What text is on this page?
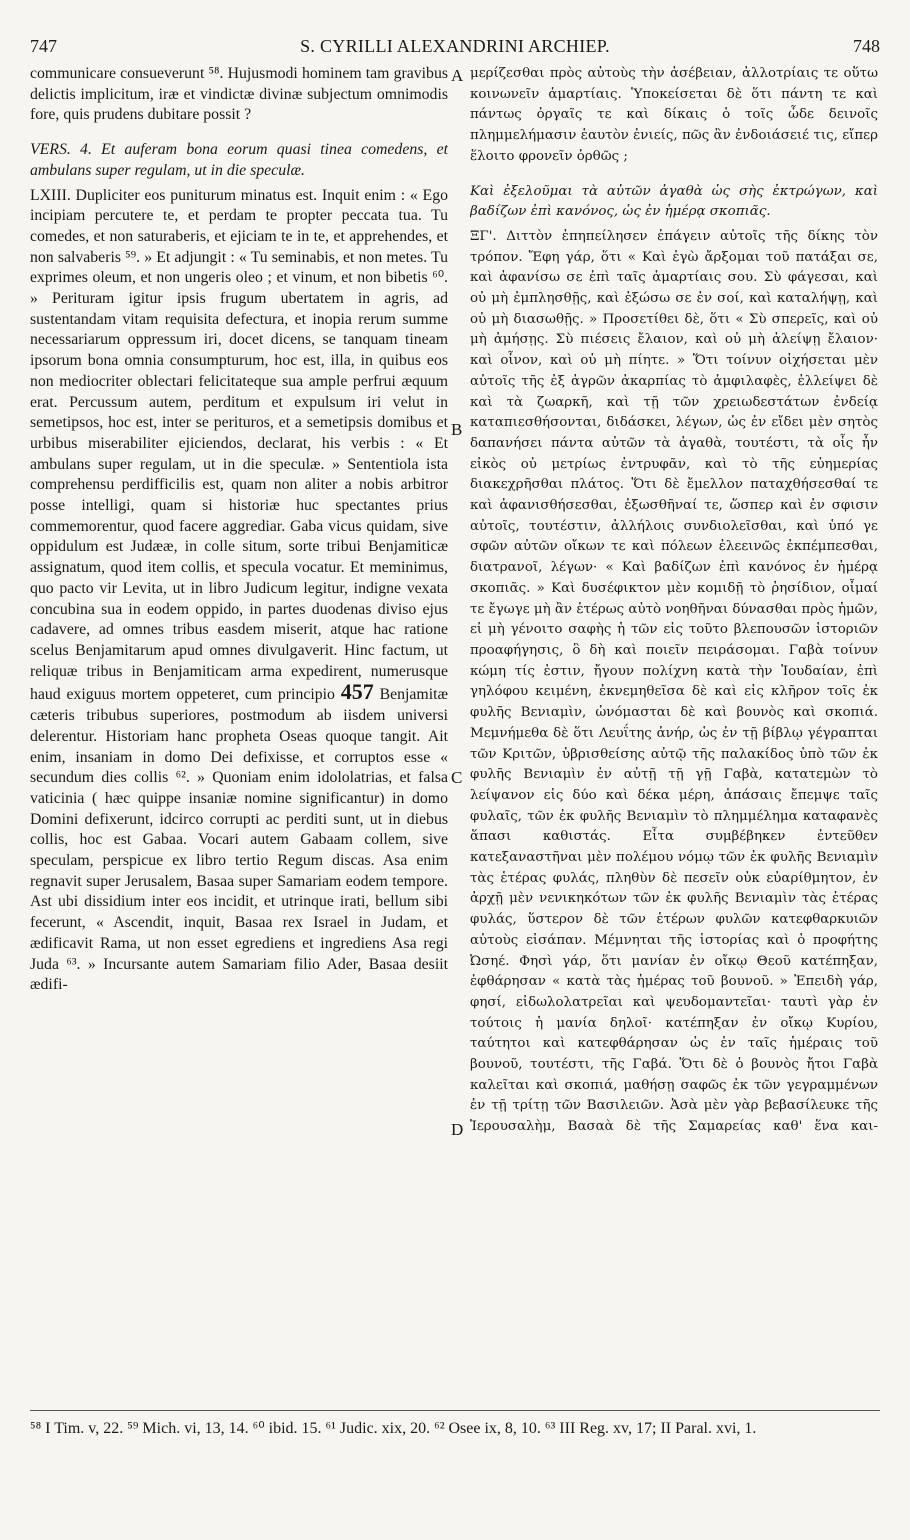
747	S. CYRILLI ALEXANDRINI ARCHIEP.	748

communicare consueverunt ⁵⁸. Hujusmodi hominem tam gravibus delictis implicitum, iræ et vindictæ divinæ subjectum omnimodis fore, quis prudens dubitare possit ?

VERS. 4. Et auferam bona eorum quasi tinea comedens, et ambulans super regulam, ut in die speculæ.

LXIII. Dupliciter eos puniturum minatus est. Inquit enim : « Ego incipiam percutere te, et perdam te propter peccata tua. Tu comedes, et non saturaberis, et ejiciam te in te, et apprehendes, et non salvaberis ⁵⁹. » Et adjungit : « Tu seminabis, et non metes. Tu exprimes oleum, et non ungeris oleo ; et vinum, et non bibetis ⁶⁰. » Perituram igitur ipsis frugum ubertatem in agris, ad sustentandam vitam requisita defectura, et inopia rerum summe necessariarum oppressum iri, docet dicens, se tanquam tineam ipsorum bona omnia consumpturum, hoc est, illa, in quibus eos non mediocriter oblectari felicitateque sua ample perfrui æquum erat. Percussum autem, perditum et expulsum iri velut in semetipsos, hoc est, inter se perituros, et a semetipsis domibus et urbibus miserabiliter ejiciendos, declarat, his verbis : « Et ambulans super regulam, ut in die speculæ. » Sententiola ista comprehensu perdifficilis est, quam non aliter a nobis arbitror posse intelligi, quam si historiæ huc spectantes prius commemorentur, quod facere aggrediar. Gaba vicus quidam, sive oppidulum est Judææ, in colle situm, sorte tribui Benjamiticæ assignatum, quod item collis, et specula vocatur. Et meminimus, quo pacto vir Levita, ut in libro Judicum legitur, indigne vexata concubina sua in eodem oppido, in partes duodenas diviso ejus cadavere, ad omnes tribus easdem miserit, atque hac ratione scelus Benjamitarum apud omnes divulgaverit. Hinc factum, ut reliquæ tribus in Benjamiticam arma expedirent, numerusque haud exiguus mortem oppeteret, cum principio 457 Benjamitæ cæteris tribubus superiores, postmodum ab iisdem universi delerentur. Historiam hanc propheta Oseas quoque tangit. Ait enim, insaniam in domo Dei defixisse, et corruptos esse « secundum dies collis ⁶². » Quoniam enim idololatrias, et falsa vaticinia ( hæc quippe insaniæ nomine significantur) in domo Domini defixerunt, idcirco corrupti ac perditi sunt, ut in diebus collis, hoc est Gabaa. Vocari autem Gabaam collem, sive speculam, perspicue ex libro tertio Regum discas. Asa enim regnavit super Jerusalem, Basaa super Samariam eodem tempore. Ast ubi dissidium inter eos incidit, et utrinque irati, bellum sibi fecerunt, « Ascendit, inquit, Basaa rex Israel in Judam, et ædificavit Rama, ut non esset egrediens et ingrediens Asa regi Juda ⁶³. » Incursante autem Samariam filio Ader, Basaa desiit ædifi-

A
B
C
D

μερίζεσθαι πρὸς αὐτοὺς τὴν ἀσέβειαν, ἀλλοτρίαις τε οὕτω κοινωνεῖν ἁμαρτίαις. Ὑποκείσεται δὲ ὅτι πάντη τε καὶ πάντως ὀργαῖς τε καὶ δίκαις ὁ τοῖς ὧδε δεινοῖς πλημμελήμασιν ἑαυτὸν ἐνιείς, πῶς ἂν ἐνδοιάσειέ τις, εἴπερ ἕλοιτο φρονεῖν ὀρθῶς ;

Καὶ ἐξελοῦμαι τὰ αὐτῶν ἀγαθὰ ὡς σὴς ἐκτρώγων, καὶ βαδίζων ἐπὶ κανόνος, ὡς ἐν ἡμέρᾳ σκοπιᾶς.

ΞΓ'. Διττὸν ἐπηπείλησεν ἐπάγειν αὐτοῖς τῆς δίκης τὸν τρόπον. Ἔφη γάρ, ὅτι « Καὶ ἐγὼ ἄρξομαι τοῦ πατάξαι σε, καὶ ἀφανίσω σε ἐπὶ ταῖς ἁμαρτίαις σου. Σὺ φάγεσαι, καὶ οὐ μὴ ἐμπλησθῇς, καὶ ἐξώσω σε ἐν σοί, καὶ καταλήψῃ, καὶ οὐ μὴ διασωθῇς. » Προσετίθει δὲ, ὅτι « Σὺ σπερεῖς, καὶ οὐ μὴ ἀμήσῃς. Σὺ πιέσεις ἔλαιον, καὶ οὐ μὴ ἀλείψῃ ἔλαιον· καὶ οἶνον, καὶ οὐ μὴ πίητε. » Ὅτι τοίνυν οἰχήσεται μὲν αὐτοῖς τῆς ἐξ ἀγρῶν ἀκαρπίας τὸ ἀμφιλαφὲς, ἐλλείψει δὲ καὶ τὰ ζωαρκῆ, καὶ τῇ τῶν χρειωδεστάτων ἐνδείᾳ καταπιεσθήσονται, διδάσκει, λέγων, ὡς ἐν εἴδει μὲν σητὸς δαπανήσει πάντα αὐτῶν τὰ ἀγαθὰ, τουτέστι, τὰ οἷς ἦν εἰκὸς οὐ μετρίως ἐντρυφᾶν, καὶ τὸ τῆς εὐημερίας διακεχρῆσθαι πλάτος. Ὅτι δὲ ἔμελλον παταχθήσεσθαί τε καὶ ἀφανισθήσεσθαι, ἐξωσθῆναί τε, ὥσπερ καὶ ἐν σφισιν αὐτοῖς, τουτέστιν, ἀλλήλοις συνδιολεῖσθαι, καὶ ὑπό γε σφῶν αὐτῶν οἴκων τε καὶ πόλεων ἐλεεινῶς ἐκπέμπεσθαι, διατρανοῖ, λέγων· « Καὶ βαδίζων ἐπὶ κανόνος ἐν ἡμέρᾳ σκοπιᾶς. » Καὶ δυσέφικτον μὲν κομιδῇ τὸ ῥησίδιον, οἶμαί τε ἔγωγε μὴ ἂν ἑτέρως αὐτὸ νοηθῆναι δύνασθαι πρὸς ἡμῶν, εἰ μὴ γένοιτο σαφὴς ἡ τῶν εἰς τοῦτο βλεπουσῶν ἱστοριῶν προαφήγησις, ὃ δὴ καὶ ποιεῖν πειράσομαι. Γαβὰ τοίνυν κώμη τίς ἐστιν, ἤγουν πολίχνη κατὰ τὴν Ἰουδαίαν, ἐπὶ γηλόφου κειμένη, ἐκνεμηθεῖσα δὲ καὶ εἰς κλῆρον τοῖς ἐκ φυλῆς Βενιαμὶν, ὠνόμασται δὲ καὶ βουνὸς καὶ σκοπιά. Μεμνήμεθα δὲ ὅτι Λευΐτης ἀνήρ, ὡς ἐν τῇ βίβλῳ γέγραπται τῶν Κριτῶν, ὑβρισθείσης αὐτῷ τῆς παλακίδος ὑπὸ τῶν ἐκ φυλῆς Βενιαμὶν ἐν αὐτῇ τῇ γῇ Γαβὰ, κατατεμὼν τὸ λείψανον εἰς δύο καὶ δέκα μέρη, ἁπάσαις ἔπεμψε ταῖς φυλαῖς, τῶν ἐκ φυλῆς Βενιαμὶν τὸ πλημμέλημα καταφανὲς ἅπασι καθιστάς. Εἶτα συμβέβηκεν ἐντεῦθεν κατεξαναστῆναι μὲν πολέμου νόμῳ τῶν ἐκ φυλῆς Βενιαμὶν τὰς ἑτέρας φυλάς, πληθὺν δὲ πεσεῖν οὐκ εὐαρίθμητον, ἐν ἀρχῇ μὲν νενικηκότων τῶν ἐκ φυλῆς Βενιαμὶν τὰς ἑτέρας φυλάς, ὕστερον δὲ τῶν ἑτέρων φυλῶν κατεφθαρκυιῶν αὐτοὺς εἰσάπαν. Μέμνηται τῆς ἱστορίας καὶ ὁ προφήτης Ὠσηέ. Φησὶ γάρ, ὅτι μανίαν ἐν οἴκῳ Θεοῦ κατέπηξαν, ἐφθάρησαν « κατὰ τὰς ἡμέρας τοῦ βουνοῦ. » Ἐπειδὴ γάρ, φησί, εἰδωλολατρεῖαι καὶ ψευδομαντεῖαι· ταυτὶ γὰρ ἐν τούτοις ἡ μανία δηλοῖ· κατέπηξαν ἐν οἴκῳ Κυρίου, ταύτητοι καὶ κατεφθάρησαν ὡς ἐν ταῖς ἡμέραις τοῦ βουνοῦ, τουτέστι, τῆς Γαβά. Ὅτι δὲ ὁ βουνὸς ἤτοι Γαβὰ καλεῖται καὶ σκοπιά, μαθήσῃ σαφῶς ἐκ τῶν γεγραμμένων ἐν τῇ τρίτῃ τῶν Βασιλειῶν. Ἀσὰ μὲν γὰρ βεβασίλευκε τῆς Ἱερουσαλὴμ, Βασαὰ δὲ τῆς Σαμαρείας καθ' ἕνα και-

⁵⁸ I Tim. v, 22. ⁵⁹ Mich. vi, 13, 14. ⁶⁰ ibid. 15. ⁶¹ Judic. xix, 20. ⁶² Osee ix, 8, 10. ⁶³ III Reg. xv, 17; II Paral. xvi, 1.
